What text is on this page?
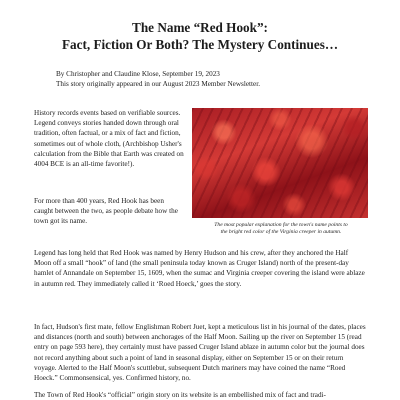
The Name “Red Hook”:
Fact, Fiction Or Both? The Mystery Continues…
By Christopher and Claudine Klose, September 19, 2023
This story originally appeared in our August 2023 Member Newsletter.

History records events based on verifiable sources. Legend conveys stories handed down through oral tradition, often factual, or a mix of fact and fiction, sometimes out of whole cloth, (Archbishop Usher's calculation from the Bible that Earth was created on 4004 BCE is an all-time favorite!).

The most popular explanation for the town's name points to
the bright red color of the Virginia creeper in autumn.

For more than 400 years, Red Hook has been caught between the two, as people debate how the town got its name.

Legend has long held that Red Hook was named by Henry Hudson and his crew, after they anchored the Half Moon off a small “hook” of land (the small peninsula today known as Cruger Island) north of the present-day hamlet of Annandale on September 15, 1609, when the sumac and Virginia creeper covering the island were ablaze in autumn red. They immediately called it ‘Roed Hoeck,’ goes the story.

In fact, Hudson's first mate, fellow Englishman Robert Juet, kept a meticulous list in his journal of the dates, places and distances (north and south) between anchorages of the Half Moon. Sailing up the river on September 15 (read entry on page 593 here), they certainly must have passed Cruger Island ablaze in autumn color but the journal does not record anything about such a point of land in seasonal display, either on September 15 or on their return voyage. Alerted to the Half Moon's scuttlebut, subsequent Dutch mariners may have coined the name “Roed Hoeck.” Commonsensical, yes. Confirmed history, no.

The Town of Red Hook's “official” origin story on its website is an embellished mix of fact and tradi-
